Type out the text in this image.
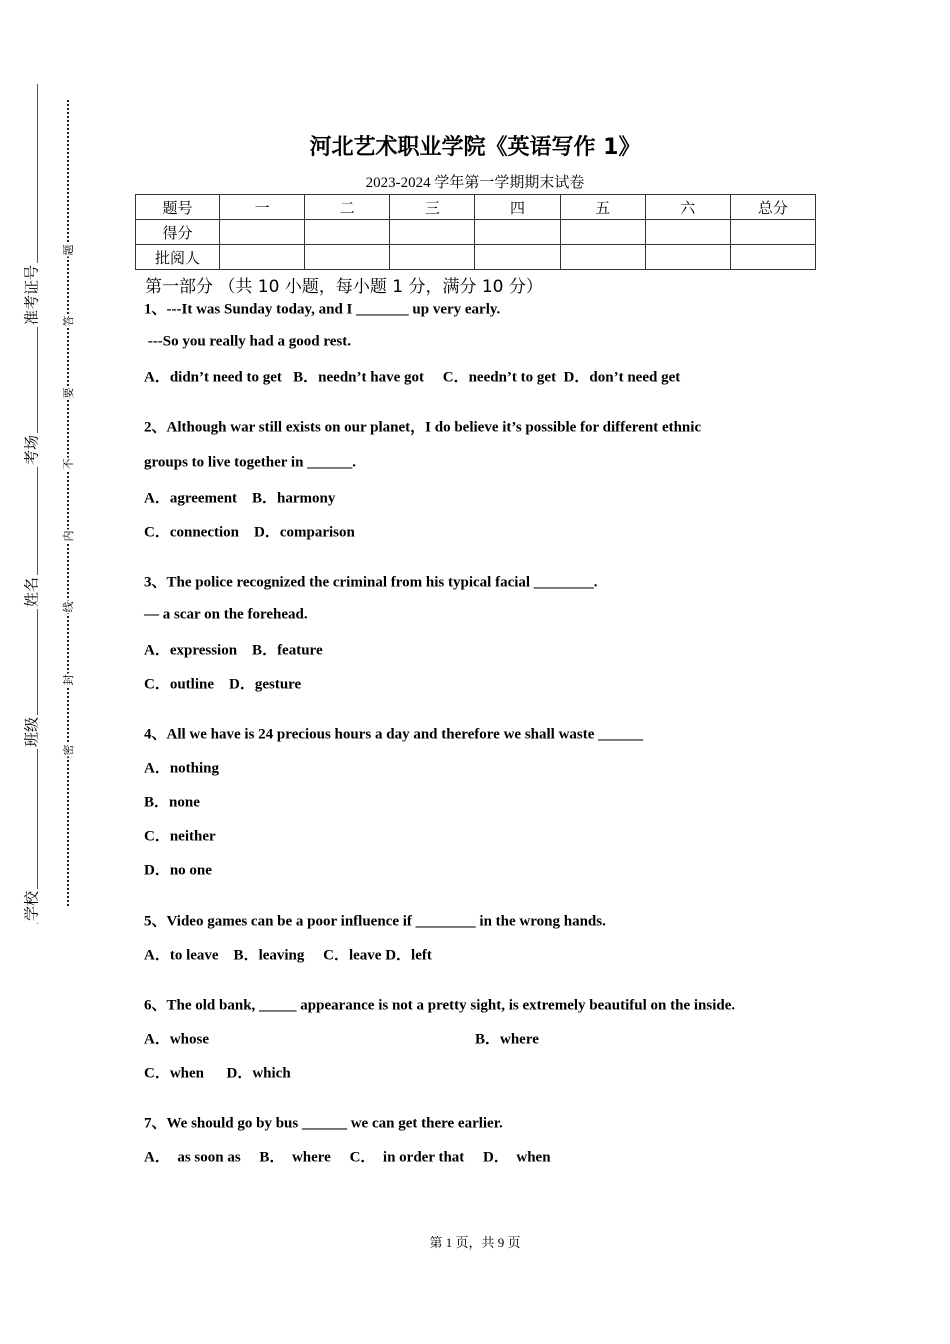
准考证号
考场
姓名
班级
学校
题
答
要
不
内
线
封
密
河北艺术职业学院《英语写作 1》
2023-2024 学年第一学期期末试卷
题号	一	二	三	四	五	六	总分
得分							
批阅人							
第一部分 （共 10 小题，每小题 1 分，满分 10 分）
1、---It was Sunday today, and I _______ up very early.
---So you really had a good rest.
A．didn’t need to get   B．needn’t have got     C．needn’t to get  D．don’t need get
2、Although war still exists on our planet，I do believe it’s possible for different ethnic
groups to live together in ______.
A．agreement    B．harmony
C．connection    D．comparison
3、The police recognized the criminal from his typical facial ________.
— a scar on the forehead.
A．expression    B．feature
C．outline    D．gesture
4、All we have is 24 precious hours a day and therefore we shall waste ______
A．nothing
B．none
C．neither
D．no one
5、Video games can be a poor influence if ________ in the wrong hands.
A．to leave    B．leaving     C．leave D．left
6、The old bank, _____ appearance is not a pretty sight, is extremely beautiful on the inside.
A．whose
C．when      D．which
7、We should go by bus ______ we can get there earlier.
A．  as soon as     B．  where     C．  in order that     D．  when
B．where
第 1 页，共 9 页
